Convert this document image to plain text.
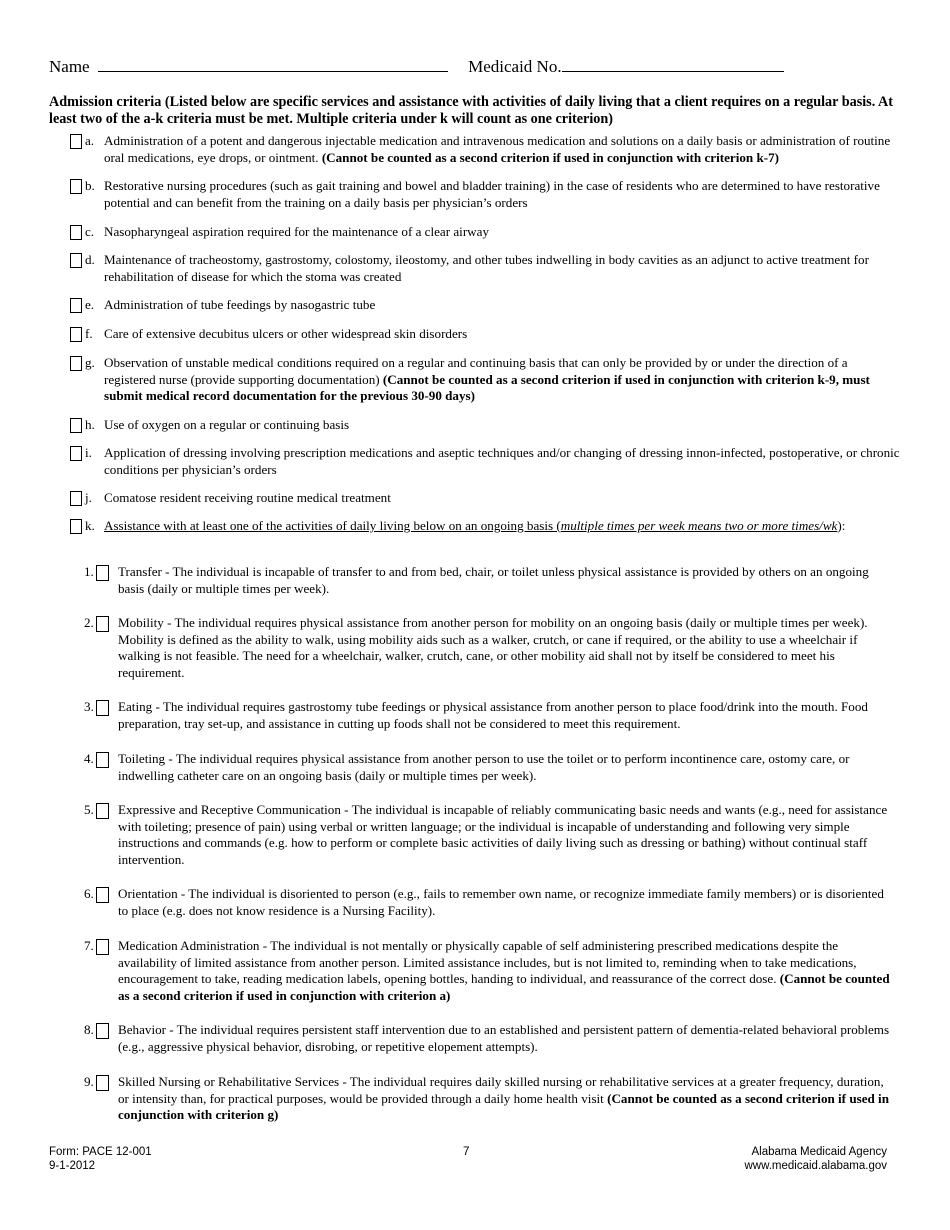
Name	Medicaid No.
Admission criteria (Listed below are specific services and assistance with activities of daily living that a client requires on a regular basis. At least two of the a-k criteria must be met. Multiple criteria under k will count as one criterion)
a. Administration of a potent and dangerous injectable medication and intravenous medication and solutions on a daily basis or administration of routine oral medications, eye drops, or ointment. (Cannot be counted as a second criterion if used in conjunction with criterion k-7)
b. Restorative nursing procedures (such as gait training and bowel and bladder training) in the case of residents who are determined to have restorative potential and can benefit from the training on a daily basis per physician’s orders
c. Nasopharyngeal aspiration required for the maintenance of a clear airway
d. Maintenance of tracheostomy, gastrostomy, colostomy, ileostomy, and other tubes indwelling in body cavities as an adjunct to active treatment for rehabilitation of disease for which the stoma was created
e. Administration of tube feedings by nasogastric tube
f. Care of extensive decubitus ulcers or other widespread skin disorders
g. Observation of unstable medical conditions required on a regular and continuing basis that can only be provided by or under the direction of a registered nurse (provide supporting documentation) (Cannot be counted as a second criterion if used in conjunction with criterion k-9, must submit medical record documentation for the previous 30-90 days)
h. Use of oxygen on a regular or continuing basis
i. Application of dressing involving prescription medications and aseptic techniques and/or changing of dressing innon-infected, postoperative, or chronic conditions per physician’s orders
j. Comatose resident receiving routine medical treatment
k. Assistance with at least one of the activities of daily living below on an ongoing basis (multiple times per week means two or more times/wk):
1. Transfer - The individual is incapable of transfer to and from bed, chair, or toilet unless physical assistance is provided by others on an ongoing basis (daily or multiple times per week).
2. Mobility - The individual requires physical assistance from another person for mobility on an ongoing basis (daily or multiple times per week). Mobility is defined as the ability to walk, using mobility aids such as a walker, crutch, or cane if required, or the ability to use a wheelchair if walking is not feasible. The need for a wheelchair, walker, crutch, cane, or other mobility aid shall not by itself be considered to meet his requirement.
3. Eating - The individual requires gastrostomy tube feedings or physical assistance from another person to place food/drink into the mouth. Food preparation, tray set-up, and assistance in cutting up foods shall not be considered to meet this requirement.
4. Toileting - The individual requires physical assistance from another person to use the toilet or to perform incontinence care, ostomy care, or indwelling catheter care on an ongoing basis (daily or multiple times per week).
5. Expressive and Receptive Communication - The individual is incapable of reliably communicating basic needs and wants (e.g., need for assistance with toileting; presence of pain) using verbal or written language; or the individual is incapable of understanding and following very simple instructions and commands (e.g. how to perform or complete basic activities of daily living such as dressing or bathing) without continual staff intervention.
6. Orientation - The individual is disoriented to person (e.g., fails to remember own name, or recognize immediate family members) or is disoriented to place (e.g. does not know residence is a Nursing Facility).
7. Medication Administration - The individual is not mentally or physically capable of self administering prescribed medications despite the availability of limited assistance from another person. Limited assistance includes, but is not limited to, reminding when to take medications, encouragement to take, reading medication labels, opening bottles, handing to individual, and reassurance of the correct dose. (Cannot be counted as a second criterion if used in conjunction with criterion a)
8. Behavior - The individual requires persistent staff intervention due to an established and persistent pattern of dementia-related behavioral problems (e.g., aggressive physical behavior, disrobing, or repetitive elopement attempts).
9. Skilled Nursing or Rehabilitative Services - The individual requires daily skilled nursing or rehabilitative services at a greater frequency, duration, or intensity than, for practical purposes, would be provided through a daily home health visit (Cannot be counted as a second criterion if used in conjunction with criterion g)
Form: PACE 12-001
9-1-2012
7	Alabama Medicaid Agency
www.medicaid.alabama.gov
